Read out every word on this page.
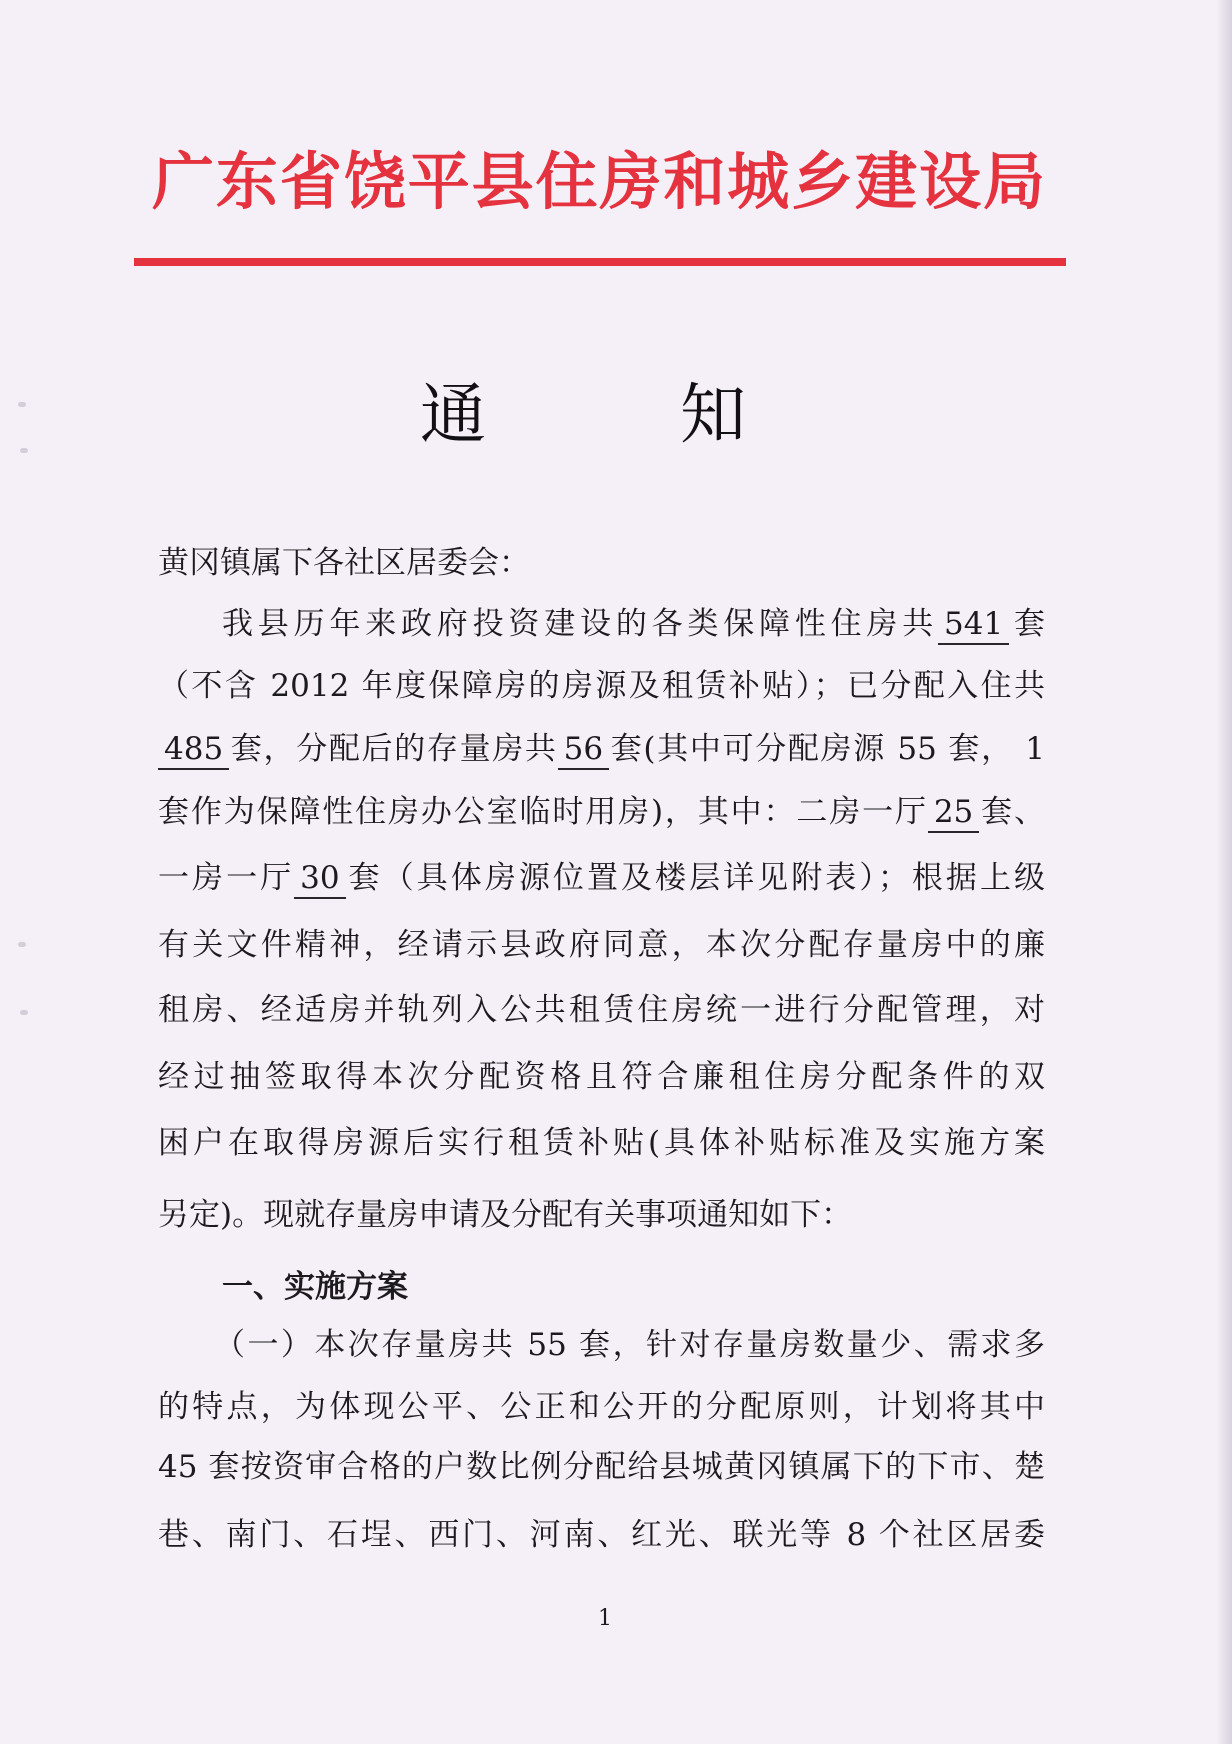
广东省饶平县住房和城乡建设局
通知
黄冈镇属下各社区居委会：
我县历年来政府投资建设的各类保障性住房共 541 套
（不含 2012 年度保障房的房源及租赁补贴）；已分配入住共
485 套，分配后的存量房共 56 套(其中可分配房源 55 套， 1
套作为保障性住房办公室临时用房)，其中：二房一厅 25 套、
一房一厅 30 套（具体房源位置及楼层详见附表）；根据上级
有关文件精神，经请示县政府同意，本次分配存量房中的廉
租房、经适房并轨列入公共租赁住房统一进行分配管理，对
经过抽签取得本次分配资格且符合廉租住房分配条件的双
困户在取得房源后实行租赁补贴(具体补贴标准及实施方案
另定)。现就存量房申请及分配有关事项通知如下：
一、实施方案
（一）本次存量房共 55 套，针对存量房数量少、需求多
的特点，为体现公平、公正和公开的分配原则，计划将其中
45 套按资审合格的户数比例分配给县城黄冈镇属下的下市、楚
巷、南门、石埕、西门、河南、红光、联光等 8 个社区居委
1
